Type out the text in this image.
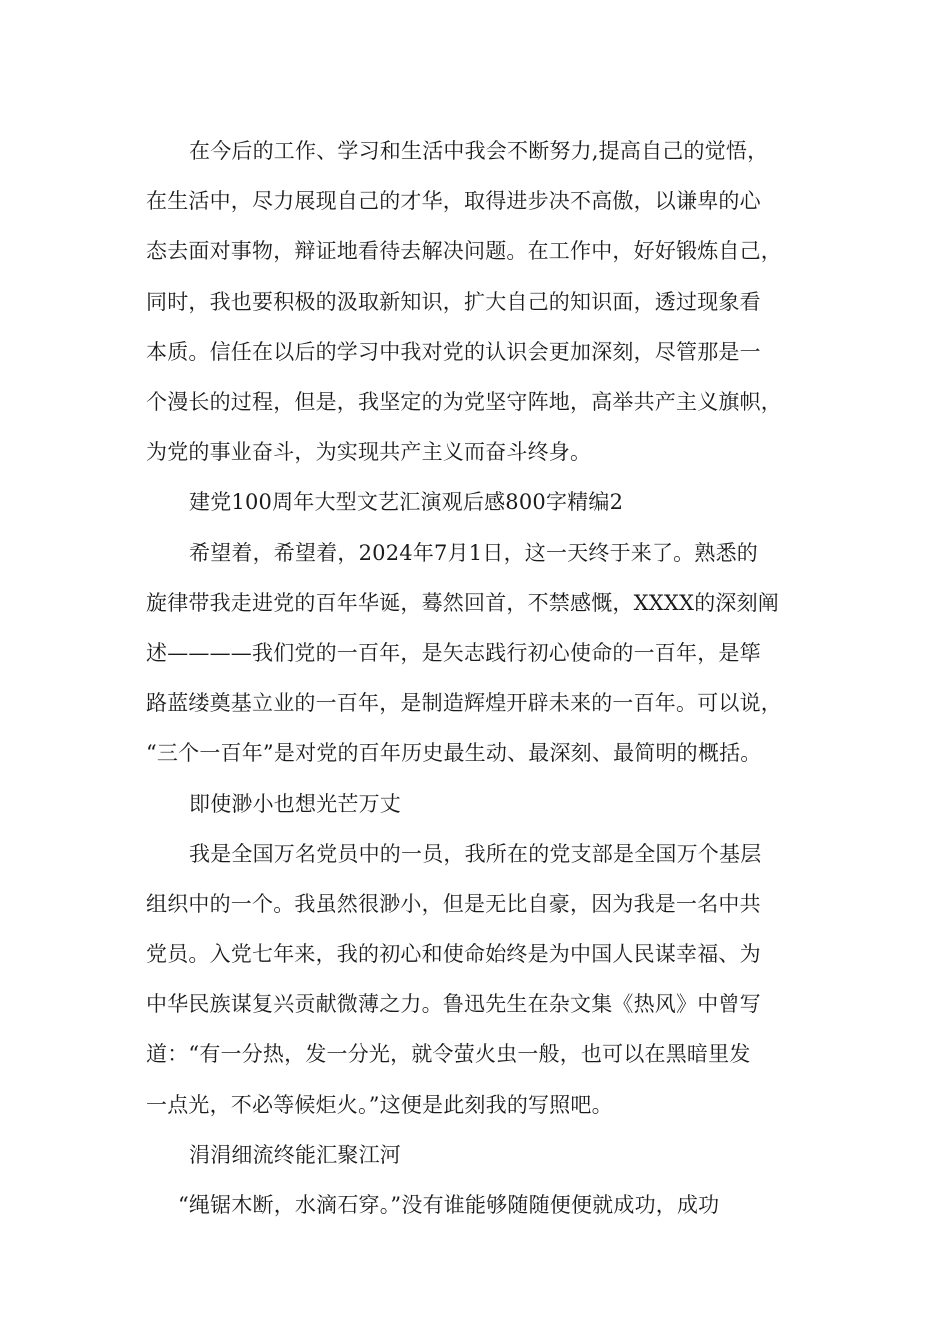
在今后的工作、学习和生活中我会不断努力,提高自己的觉悟，
在生活中，尽力展现自己的才华，取得进步决不高傲，以谦卑的心
态去面对事物，辩证地看待去解决问题。在工作中，好好锻炼自己，
同时，我也要积极的汲取新知识，扩大自己的知识面，透过现象看
本质。信任在以后的学习中我对党的认识会更加深刻，尽管那是一
个漫长的过程，但是，我坚定的为党坚守阵地，高举共产主义旗帜，
为党的事业奋斗，为实现共产主义而奋斗终身。
建党100周年大型文艺汇演观后感800字精编2
希望着，希望着，2024年7月1日，这一天终于来了。熟悉的
旋律带我走进党的百年华诞，蓦然回首，不禁感慨，XXXX的深刻阐
述————我们党的一百年，是矢志践行初心使命的一百年，是筚
路蓝缕奠基立业的一百年，是制造辉煌开辟未来的一百年。可以说，
“三个一百年”是对党的百年历史最生动、最深刻、最简明的概括。
即使渺小也想光芒万丈
我是全国万名党员中的一员，我所在的党支部是全国万个基层
组织中的一个。我虽然很渺小，但是无比自豪，因为我是一名中共
党员。入党七年来，我的初心和使命始终是为中国人民谋幸福、为
中华民族谋复兴贡献微薄之力。鲁迅先生在杂文集《热风》中曾写
道：“有一分热，发一分光，就令萤火虫一般，也可以在黑暗里发
一点光，不必等候炬火。”这便是此刻我的写照吧。
涓涓细流终能汇聚江河
“绳锯木断，水滴石穿。”没有谁能够随随便便就成功，成功
